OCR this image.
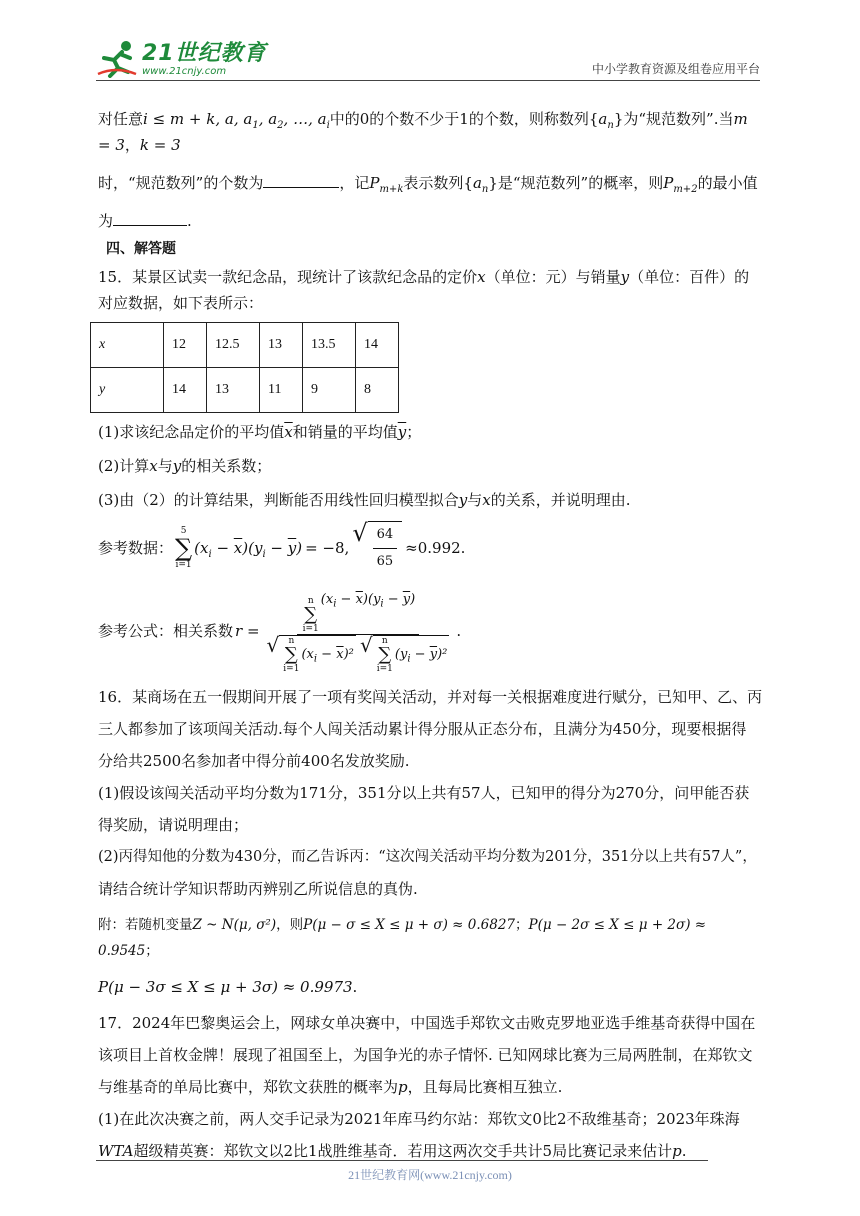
21世纪教育
www.21cnjy.com	中小学教育资源及组卷应用平台

对任意i ≤ m + k, a, $a_1$, $a_2$, …, $a_i$中的0的个数不少于1的个数，则称数列$\{a_n\}$为“规范数列”.当m = 3，k = 3

时，“规范数列”的个数为	，记$P_{m+k}$表示数列$\{a_n\}$是“规范数列”的概率，则$P_{m+2}$的最小值

为	.

四、解答题

15．某景区试卖一款纪念品，现统计了该款纪念品的定价x（单位：元）与销量y（单位：百件）的

对应数据，如下表所示：

x	12	12.5	13	13.5	14
y	14	13	11	9	8

(1)求该纪念品定价的平均值$\overline{x}$和销量的平均值$\overline{y}$；

(2)计算x与y的相关系数；

(3)由（2）的计算结果，判断能否用线性回归模型拟合y与x的关系，并说明理由.

参考数据：
5
∑
i=1
$(x_i - \overline{x})(y_i - \overline{y}) = -8$,
√ $\frac{64}{65} \approx 0.992$.
参考公式：相关系数 r = n
∑
i=1
$(x_i - \overline{x})(y_i - \overline{y})$
√ n
∑
i=1
$(x_i - \overline{x})^2$
√ n
∑
i=1
$(y_i - \overline{y})^2$ .

16．某商场在五一假期间开展了一项有奖闯关活动，并对每一关根据难度进行赋分，已知甲、乙、丙

三人都参加了该项闯关活动.每个人闯关活动累计得分服从正态分布，且满分为450分，现要根据得

分给共2500名参加者中得分前400名发放奖励.

(1)假设该闯关活动平均分数为171分，351分以上共有57人，已知甲的得分为270分，问甲能否获

得奖励，请说明理由；

(2)丙得知他的分数为430分，而乙告诉丙：“这次闯关活动平均分数为201分，351分以上共有57人”，

请结合统计学知识帮助丙辨别乙所说信息的真伪.

附：若随机变量Z ~ N(μ, σ²)，则P(μ − σ ≤ X ≤ μ + σ) ≈ 0.6827；P(μ − 2σ ≤ X ≤ μ + 2σ) ≈ 0.9545；

P(μ − 3σ ≤ X ≤ μ + 3σ) ≈ 0.9973.

17．2024年巴黎奥运会上，网球女单决赛中，中国选手郑钦文击败克罗地亚选手维基奇获得中国在

该项目上首枚金牌！展现了祖国至上，为国争光的赤子情怀. 已知网球比赛为三局两胜制，在郑钦文

与维基奇的单局比赛中，郑钦文获胜的概率为p，且每局比赛相互独立.

(1)在此次决赛之前，两人交手记录为2021年库马约尔站：郑钦文0比2不敌维基奇；2023年珠海

WTA超级精英赛：郑钦文以2比1战胜维基奇．若用这两次交手共计5局比赛记录来估计p.

21世纪教育网(www.21cnjy.com)
